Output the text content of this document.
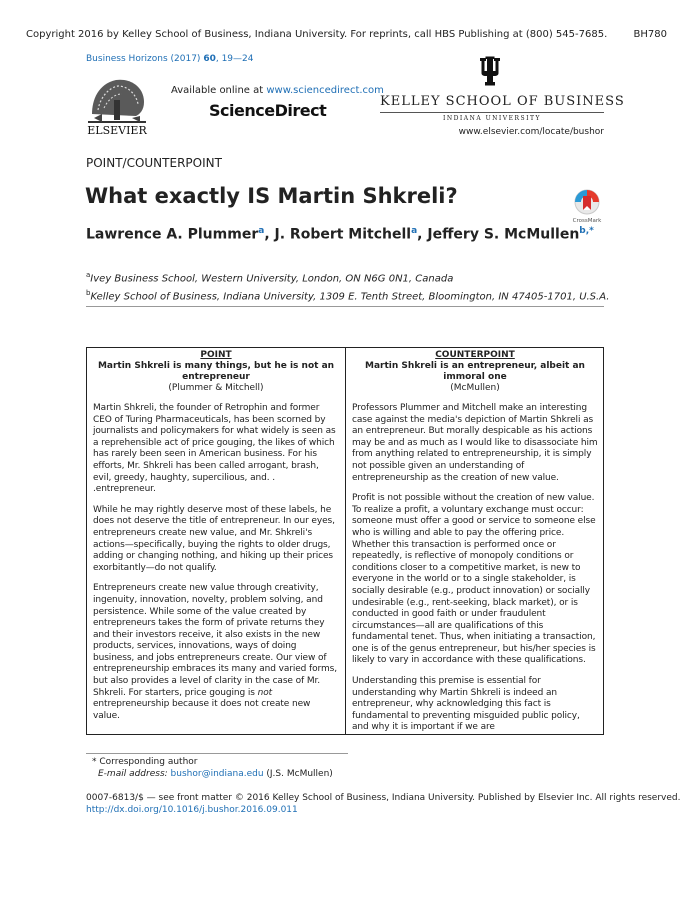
Copyright 2016 by Kelley School of Business, Indiana University. For reprints, call HBS Publishing at (800) 545-7685.	BH780
Business Horizons (2017) 60, 19—24
ELSEVIER
Available online at www.sciencedirect.com
ScienceDirect	KELLEY SCHOOL OF BUSINESS
INDIANA UNIVERSITY
www.elsevier.com/locate/bushor
POINT/COUNTERPOINT
What exactly IS Martin Shkreli?
CrossMark
Lawrence A. Plummer$^a$, J. Robert Mitchell$^a$, Jeffery S. McMullen$^{b,*}$
$^a$Ivey Business School, Western University, London, ON N6G 0N1, Canada
$^b$Kelley School of Business, Indiana University, 1309 E. Tenth Street, Bloomington, IN 47405-1701, U.S.A.
POINT
Martin Shkreli is many things, but he is not an entrepreneur
(Plummer & Mitchell)

Martin Shkreli, the founder of Retrophin and former CEO of Turing Pharmaceuticals, has been scorned by journalists and policymakers for what widely is seen as a reprehensible act of price gouging, the likes of which has rarely been seen in American business. For his efforts, Mr. Shkreli has been called arrogant, brash, evil, greedy, haughty, supercilious, and. . .entrepreneur.

While he may rightly deserve most of these labels, he does not deserve the title of entrepreneur. In our eyes, entrepreneurs create new value, and Mr. Shkreli's actions—specifically, buying the rights to older drugs, adding or changing nothing, and hiking up their prices exorbitantly—do not qualify.

Entrepreneurs create new value through creativity, ingenuity, innovation, novelty, problem solving, and persistence. While some of the value created by entrepreneurs takes the form of private returns they and their investors receive, it also exists in the new products, services, innovations, ways of doing business, and jobs entrepreneurs create. Our view of entrepreneurship embraces its many and varied forms, but also provides a level of clarity in the case of Mr. Shkreli. For starters, price gouging is not entrepreneurship because it does not create new value.

COUNTERPOINT
Martin Shkreli is an entrepreneur, albeit an immoral one
(McMullen)

Professors Plummer and Mitchell make an interesting case against the media's depiction of Martin Shkreli as an entrepreneur. But morally despicable as his actions may be and as much as I would like to disassociate him from anything related to entrepreneurship, it is simply not possible given an understanding of entrepreneurship as the creation of new value.

Profit is not possible without the creation of new value. To realize a profit, a voluntary exchange must occur: someone must offer a good or service to someone else who is willing and able to pay the offering price. Whether this transaction is performed once or repeatedly, is reflective of monopoly conditions or conditions closer to a competitive market, is new to everyone in the world or to a single stakeholder, is socially desirable (e.g., product innovation) or socially undesirable (e.g., rent-seeking, black market), or is conducted in good faith or under fraudulent circumstances—all are qualifications of this fundamental tenet. Thus, when initiating a transaction, one is of the genus entrepreneur, but his/her species is likely to vary in accordance with these qualifications.

Understanding this premise is essential for understanding why Martin Shkreli is indeed an entrepreneur, why acknowledging this fact is fundamental to preventing misguided public policy, and why it is important if we are

* Corresponding author
E-mail address: bushor@indiana.edu (J.S. McMullen)
0007-6813/$ — see front matter © 2016 Kelley School of Business, Indiana University. Published by Elsevier Inc. All rights reserved.
http://dx.doi.org/10.1016/j.bushor.2016.09.011
